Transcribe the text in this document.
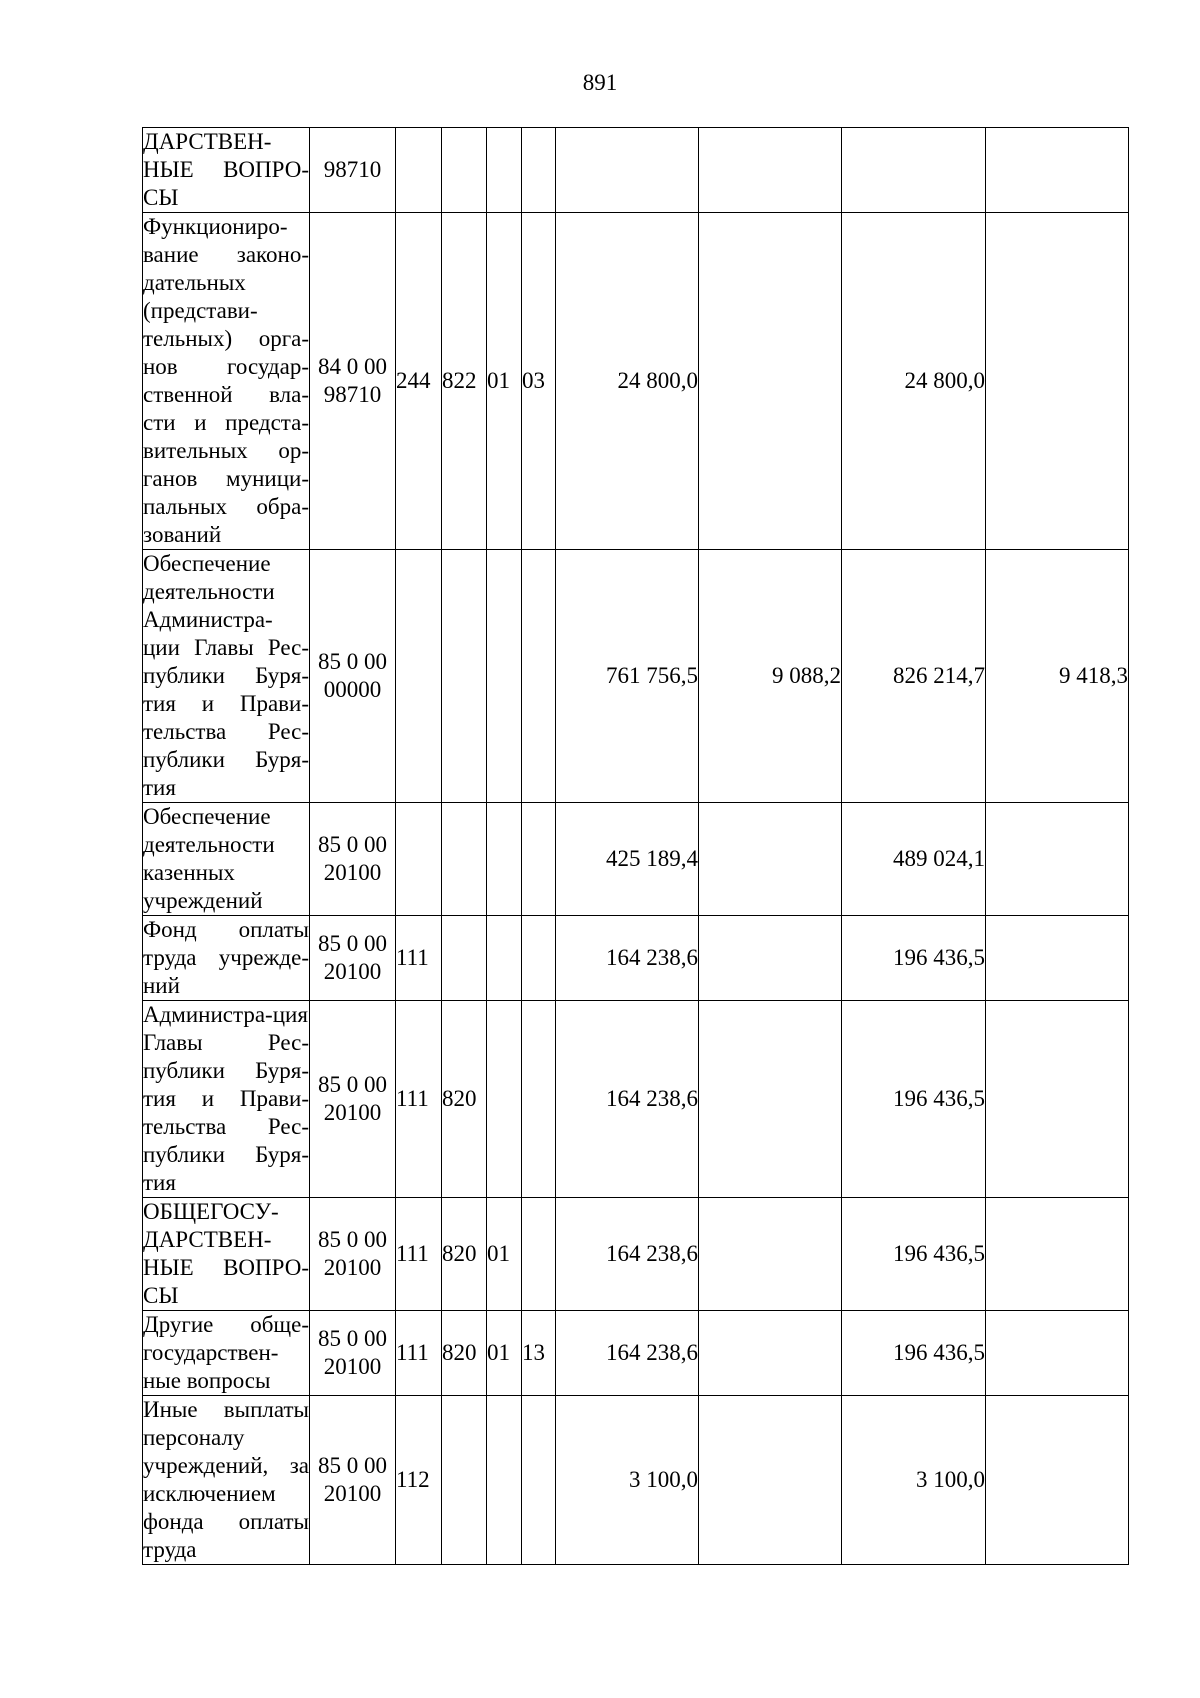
891
ДАРСТВЕН-НЫЕ ВОПРО-СЫ	98710								
Функциониро-вание законо-дательных (представи-тельных) орга-нов государ-ственной вла-сти и предста-вительных ор-ганов муници-пальных обра-зований	84 0 00 98710	244	822	01	03	24 800,0		24 800,0	
Обеспечение деятельности Администра-ции Главы Рес-публики Буря-тия и Прави-тельства Рес-публики Буря-тия	85 0 00 00000					761 756,5	9 088,2	826 214,7	9 418,3
Обеспечение деятельности казенных учреждений	85 0 00 20100					425 189,4		489 024,1	
Фонд оплаты труда учрежде-ний	85 0 00 20100	111				164 238,6		196 436,5	
Администра-ция Главы Рес-публики Буря-тия и Прави-тельства Рес-публики Буря-тия	85 0 00 20100	111	820			164 238,6		196 436,5	
ОБЩЕГОСУ-ДАРСТВЕН-НЫЕ ВОПРО-СЫ	85 0 00 20100	111	820	01		164 238,6		196 436,5	
Другие обще-государствен-ные вопросы	85 0 00 20100	111	820	01	13	164 238,6		196 436,5	
Иные выплаты персоналу учреждений, за исключением фонда оплаты труда	85 0 00 20100	112				3 100,0		3 100,0	
